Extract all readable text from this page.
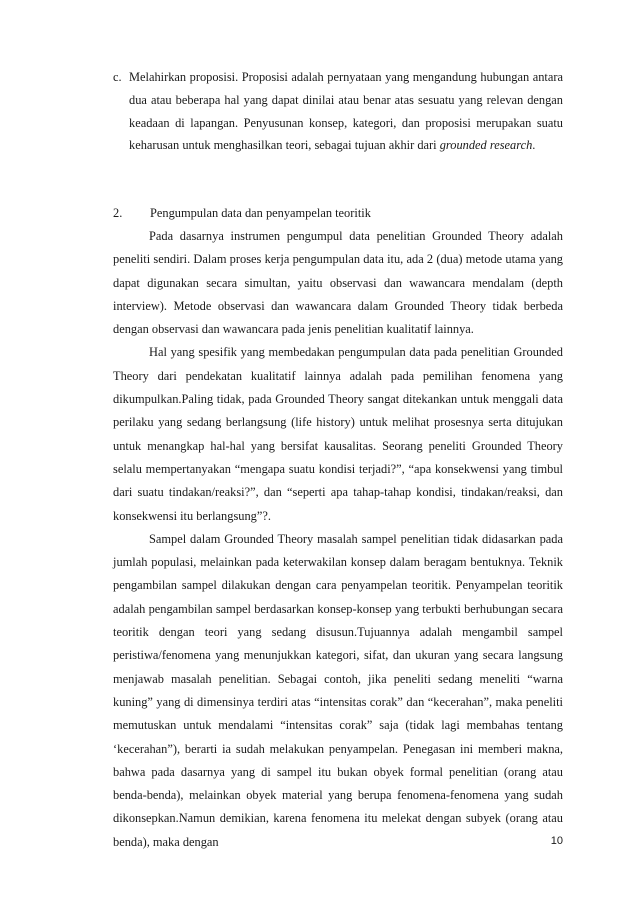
c. Melahirkan proposisi. Proposisi adalah pernyataan yang mengandung hubungan antara dua atau beberapa hal yang dapat dinilai atau benar atas sesuatu yang relevan dengan keadaan di lapangan. Penyusunan konsep, kategori, dan proposisi merupakan suatu keharusan untuk menghasilkan teori, sebagai tujuan akhir dari grounded research.
2. Pengumpulan data dan penyampelan teoritik

Pada dasarnya instrumen pengumpul data penelitian Grounded Theory adalah peneliti sendiri. Dalam proses kerja pengumpulan data itu, ada 2 (dua) metode utama yang dapat digunakan secara simultan, yaitu observasi dan wawancara mendalam (depth interview). Metode observasi dan wawancara dalam Grounded Theory tidak berbeda dengan observasi dan wawancara pada jenis penelitian kualitatif lainnya.

Hal yang spesifik yang membedakan pengumpulan data pada penelitian Grounded Theory dari pendekatan kualitatif lainnya adalah pada pemilihan fenomena yang dikumpulkan.Paling tidak, pada Grounded Theory sangat ditekankan untuk menggali data perilaku yang sedang berlangsung (life history) untuk melihat prosesnya serta ditujukan untuk menangkap hal-hal yang bersifat kausalitas. Seorang peneliti Grounded Theory selalu mempertanyakan “mengapa suatu kondisi terjadi?”, “apa konsekwensi yang timbul dari suatu tindakan/reaksi?”, dan “seperti apa tahap-tahap kondisi, tindakan/reaksi, dan konsekwensi itu berlangsung”?.

Sampel dalam Grounded Theory masalah sampel penelitian tidak didasarkan pada jumlah populasi, melainkan pada keterwakilan konsep dalam beragam bentuknya. Teknik pengambilan sampel dilakukan dengan cara penyampelan teoritik. Penyampelan teoritik adalah pengambilan sampel berdasarkan konsep-konsep yang terbukti berhubungan secara teoritik dengan teori yang sedang disusun.Tujuannya adalah mengambil sampel peristiwa/fenomena yang menunjukkan kategori, sifat, dan ukuran yang secara langsung menjawab masalah penelitian. Sebagai contoh, jika peneliti sedang meneliti “warna kuning” yang di dimensinya terdiri atas “intensitas corak” dan “kecerahan”, maka peneliti memutuskan untuk mendalami “intensitas corak” saja (tidak lagi membahas tentang ‘kecerahan”), berarti ia sudah melakukan penyampelan. Penegasan ini memberi makna, bahwa pada dasarnya yang di sampel itu bukan obyek formal penelitian (orang atau benda-benda), melainkan obyek material yang berupa fenomena-fenomena yang sudah dikonsepkan.Namun demikian, karena fenomena itu melekat dengan subyek (orang atau benda), maka dengan	10
